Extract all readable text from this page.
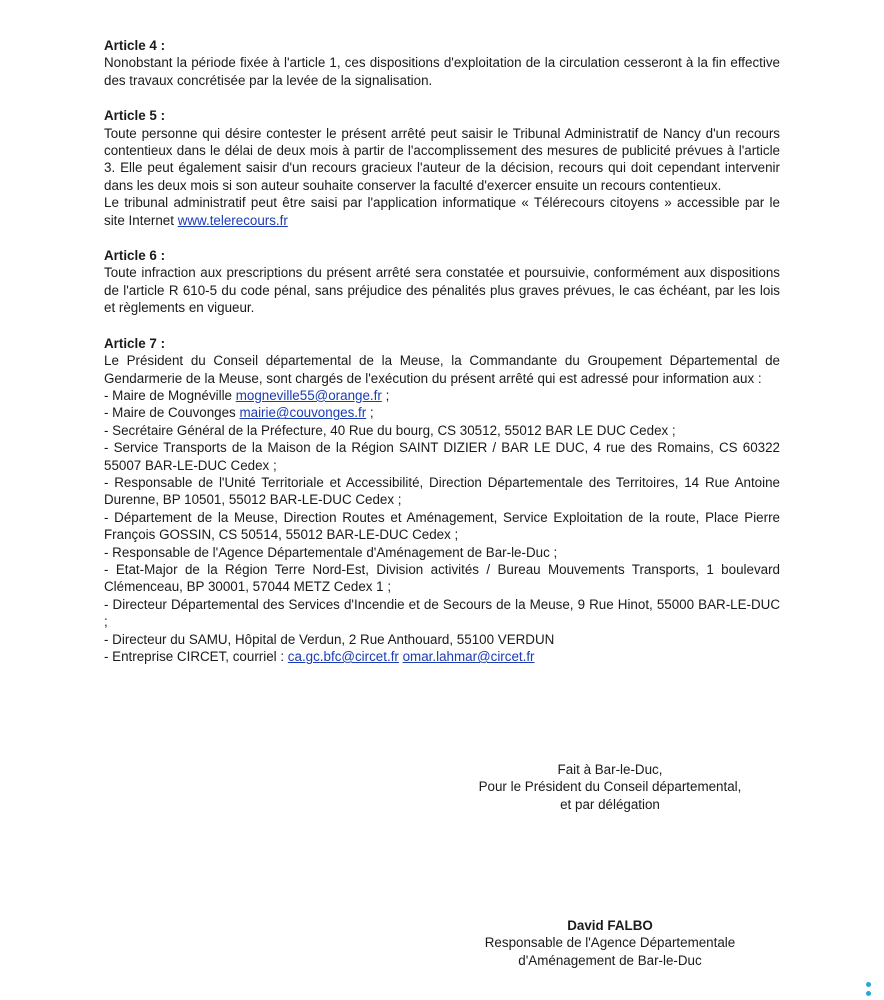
Article 4 :

Nonobstant la période fixée à l'article 1, ces dispositions d'exploitation de la circulation cesseront à la fin effective des travaux concrétisée par la levée de la signalisation.

Article 5 :

Toute personne qui désire contester le présent arrêté peut saisir le Tribunal Administratif de Nancy d'un recours contentieux dans le délai de deux mois à partir de l'accomplissement des mesures de publicité prévues à l'article 3. Elle peut également saisir d'un recours gracieux l'auteur de la décision, recours qui doit cependant intervenir dans les deux mois si son auteur souhaite conserver la faculté d'exercer ensuite un recours contentieux.

Le tribunal administratif peut être saisi par l'application informatique « Télérecours citoyens » accessible par le site Internet www.telerecours.fr

Article 6 :

Toute infraction aux prescriptions du présent arrêté sera constatée et poursuivie, conformément aux dispositions de l'article R 610-5 du code pénal, sans préjudice des pénalités plus graves prévues, le cas échéant, par les lois et règlements en vigueur.

Article 7 :

Le Président du Conseil départemental de la Meuse, la Commandante du Groupement Départemental de Gendarmerie de la Meuse, sont chargés de l'exécution du présent arrêté qui est adressé pour information aux :

- Maire de Mognéville mogneville55@orange.fr ;
- Maire de Couvonges mairie@couvonges.fr ;
- Secrétaire Général de la Préfecture, 40 Rue du bourg, CS 30512, 55012 BAR LE DUC Cedex ;
- Service Transports de la Maison de la Région SAINT DIZIER / BAR LE DUC, 4 rue des Romains, CS 60322 55007 BAR-LE-DUC Cedex ;
- Responsable de l'Unité Territoriale et Accessibilité, Direction Départementale des Territoires, 14 Rue Antoine Durenne, BP 10501, 55012 BAR-LE-DUC Cedex ;
- Département de la Meuse, Direction Routes et Aménagement, Service Exploitation de la route, Place Pierre François GOSSIN, CS 50514, 55012 BAR-LE-DUC Cedex ;
- Responsable de l'Agence Départementale d'Aménagement de Bar-le-Duc ;
- Etat-Major de la Région Terre Nord-Est, Division activités / Bureau Mouvements Transports, 1 boulevard Clémenceau, BP 30001, 57044 METZ Cedex 1 ;
- Directeur Départemental des Services d'Incendie et de Secours de la Meuse, 9 Rue Hinot, 55000 BAR-LE-DUC ;
- Directeur du SAMU, Hôpital de Verdun, 2 Rue Anthouard, 55100 VERDUN
- Entreprise CIRCET, courriel : ca.gc.bfc@circet.fr omar.lahmar@circet.fr
Fait à Bar-le-Duc,
Pour le Président du Conseil départemental,
et par délégation
David FALBO
Responsable de l'Agence Départementale
d'Aménagement de Bar-le-Duc
